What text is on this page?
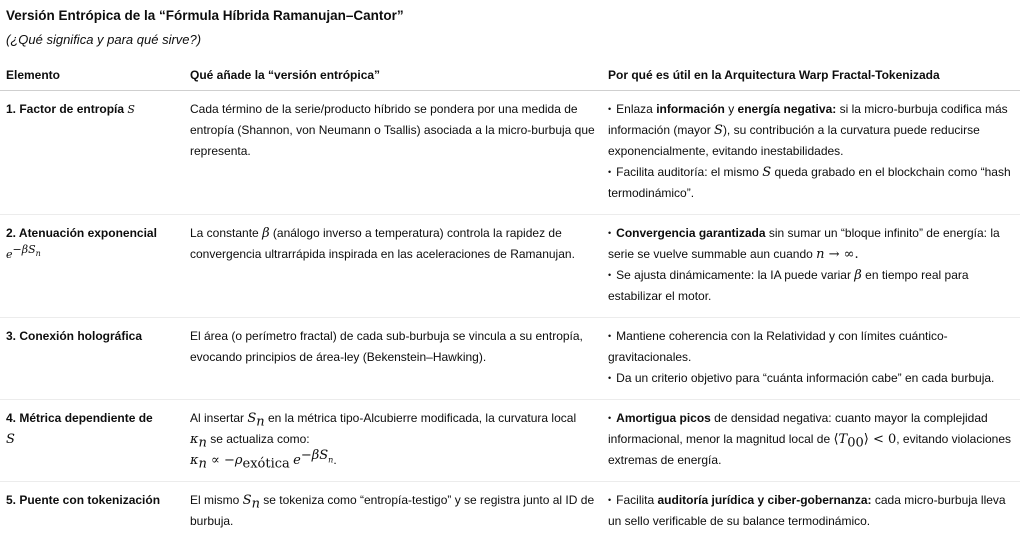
Versión Entrópica de la “Fórmula Híbrida Ramanujan–Cantor”
(¿Qué significa y para qué sirve?)
Elemento	Qué añade la “versión entrópica”	Por qué es útil en la Arquitectura Warp Fractal-Tokenizada
1. Factor de entropía S	Cada término de la serie/producto híbrido se pondera por una medida de entropía (Shannon, von Neumann o Tsallis) asociada a la micro-burbuja que representa.	• Enlaza información y energía negativa: si la micro-burbuja codifica más información (mayor S), su contribución a la curvatura puede reducirse exponencialmente, evitando inestabilidades.
• Facilita auditoría: el mismo S queda grabado en el blockchain como “hash termodinámico”.

2. Atenuación exponencial
$e^{-\beta S_n}$	La constante β (análogo inverso a temperatura) controla la rapidez de convergencia ultrarrápida inspirada en las aceleraciones de Ramanujan.	• Convergencia garantizada sin sumar un “bloque infinito” de energía: la serie se vuelve summable aun cuando n → ∞.
• Se ajusta dinámicamente: la IA puede variar β en tiempo real para estabilizar el motor.

3. Conexión holográfica	El área (o perímetro fractal) de cada sub-burbuja se vincula a su entropía, evocando principios de área-ley (Bekenstein–Hawking).	• Mantiene coherencia con la Relatividad y con límites cuántico-gravitacionales.
• Da un criterio objetivo para “cuánta información cabe” en cada burbuja.

4. Métrica dependiente de
S	Al insertar $S_n$ en la métrica tipo-Alcubierre modificada, la curvatura local $\kappa_n$ se actualiza como:
$\kappa_n \propto -\rho_{exótica}$ $e^{-\beta S_n}$.	• Amortigua picos de densidad negativa: cuanto mayor la complejidad informacional, menor la magnitud local de $⟨T_{00}⟩ < 0$, evitando violaciones extremas de energía.

5. Puente con tokenización	El mismo $S_n$ se tokeniza como “entropía-testigo” y se registra junto al ID de burbuja.	• Facilita auditoría jurídica y ciber-gobernanza: cada micro-burbuja lleva un sello verificable de su balance termodinámico.
